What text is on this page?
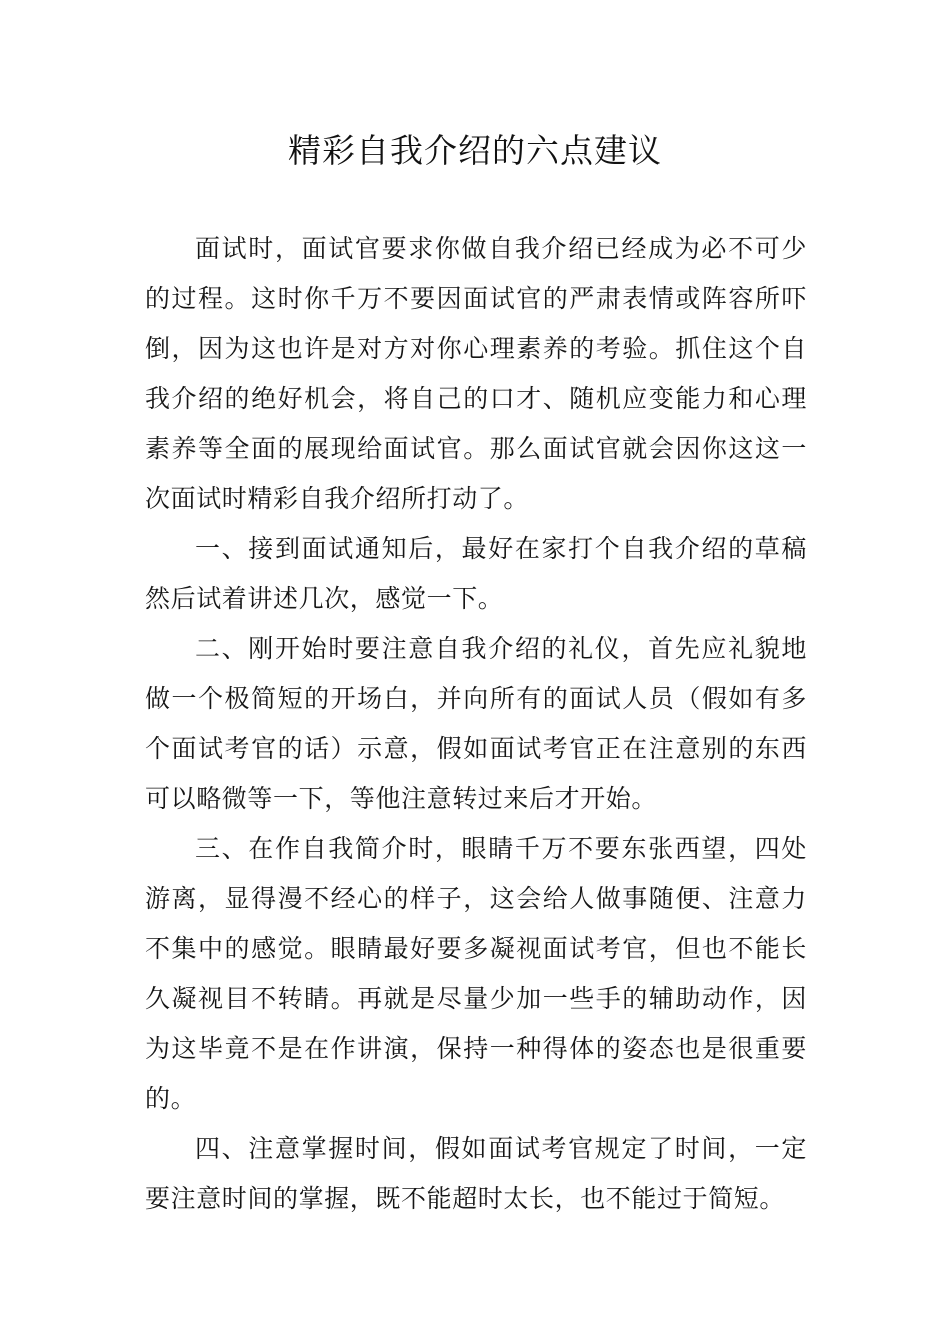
精彩自我介绍的六点建议

面试时，面试官要求你做自我介绍已经成为必不可少的过程。这时你千万不要因面试官的严肃表情或阵容所吓倒，因为这也许是对方对你心理素养的考验。抓住这个自我介绍的绝好机会，将自己的口才、随机应变能力和心理素养等全面的展现给面试官。那么面试官就会因你这这一次面试时精彩自我介绍所打动了。

一、接到面试通知后，最好在家打个自我介绍的草稿然后试着讲述几次，感觉一下。

二、刚开始时要注意自我介绍的礼仪，首先应礼貌地做一个极简短的开场白，并向所有的面试人员（假如有多个面试考官的话）示意，假如面试考官正在注意别的东西可以略微等一下，等他注意转过来后才开始。

三、在作自我简介时，眼睛千万不要东张西望，四处游离，显得漫不经心的样子，这会给人做事随便、注意力不集中的感觉。眼睛最好要多凝视面试考官，但也不能长久凝视目不转睛。再就是尽量少加一些手的辅助动作，因为这毕竟不是在作讲演，保持一种得体的姿态也是很重要的。

四、注意掌握时间，假如面试考官规定了时间，一定要注意时间的掌握，既不能超时太长，也不能过于简短。
